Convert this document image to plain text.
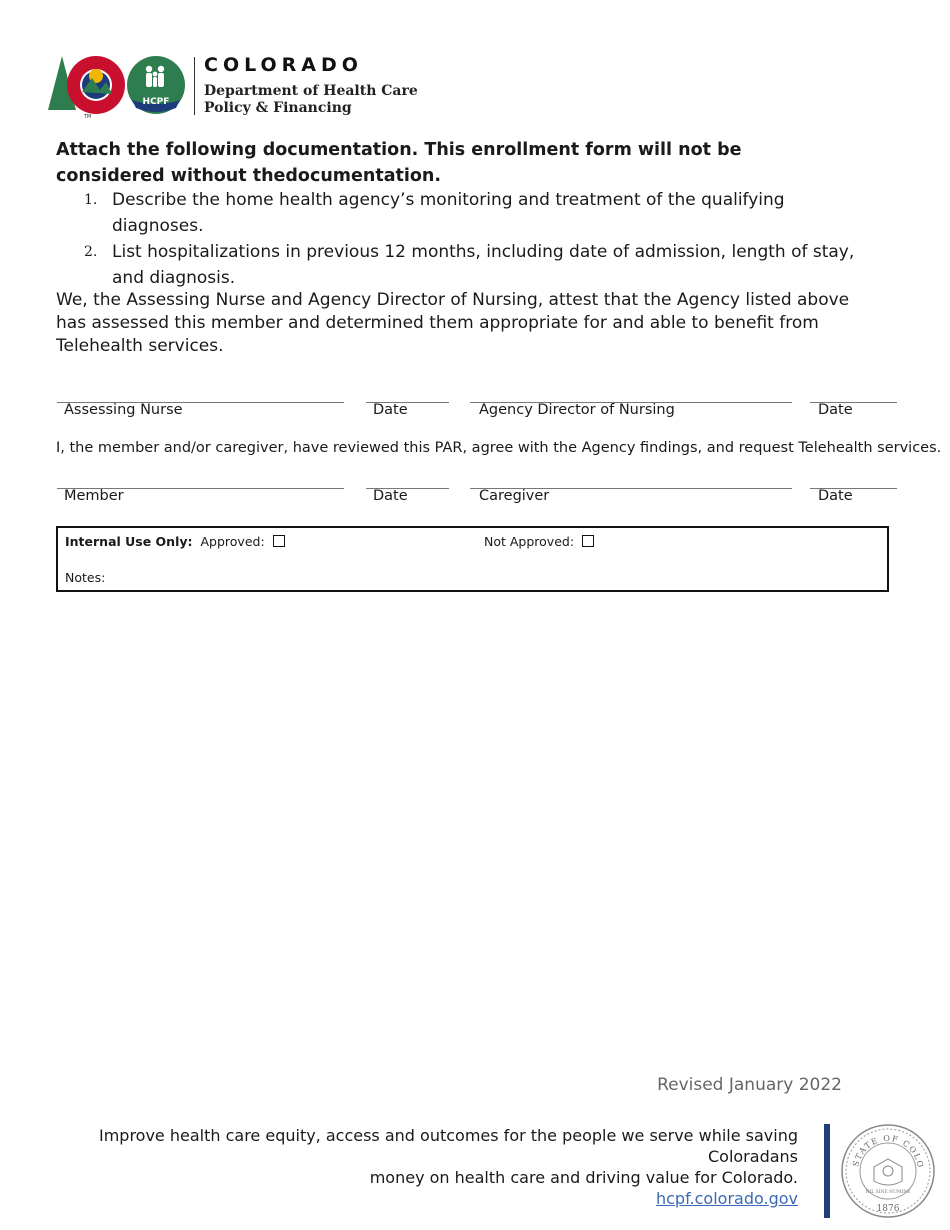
TM
HCPF
COLORADO
Department of Health Care
Policy & Financing
Attach the following documentation. This enrollment form will not be considered without thedocumentation.
1. Describe the home health agency’s monitoring and treatment of the qualifying diagnoses.
2. List hospitalizations in previous 12 months, including date of admission, length of stay, and diagnosis.
We, the Assessing Nurse and Agency Director of Nursing, attest that the Agency listed above has assessed this member and determined them appropriate for and able to benefit from Telehealth services.
Assessing Nurse	Date	Agency Director of Nursing	Date
I, the member and/or caregiver, have reviewed this PAR, agree with the Agency findings, and request Telehealth services.
Member	Date	Caregiver	Date
Internal Use Only: Approved:	Not Approved:
Notes:
Revised January 2022
Improve health care equity, access and outcomes for the people we serve while saving Coloradans
money on health care and driving value for Colorado.
hcpf.colorado.gov
STATE OF COLO
NIL SINE NUMINE
1876
